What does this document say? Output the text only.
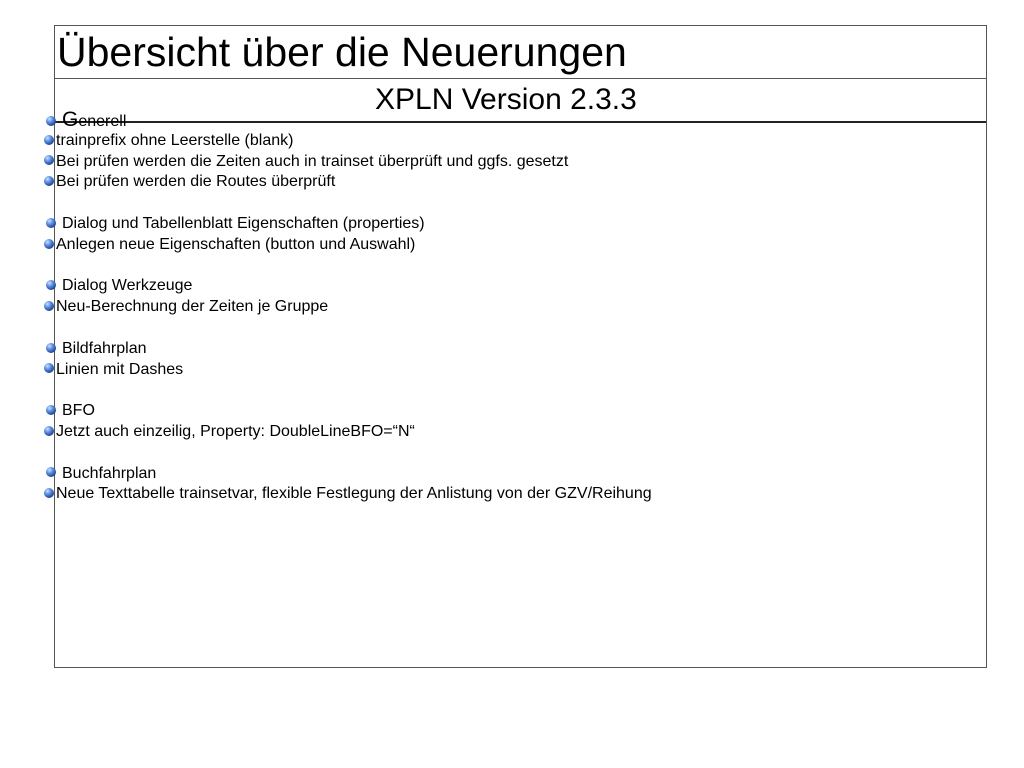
Übersicht über die Neuerungen
XPLN Version 2.3.3
Generell
trainprefix ohne Leerstelle (blank)
Bei prüfen werden die Zeiten auch in trainset überprüft und ggfs. gesetzt
Bei prüfen werden die Routes überprüft
Dialog und Tabellenblatt Eigenschaften (properties)
Anlegen neue Eigenschaften (button und Auswahl)
Dialog Werkzeuge
Neu-Berechnung der Zeiten je Gruppe
Bildfahrplan
Linien mit Dashes
BFO
Jetzt auch einzeilig, Property: DoubleLineBFO=“N“
Buchfahrplan
Neue Texttabelle trainsetvar, flexible Festlegung der Anlistung von der GZV/Reihung
